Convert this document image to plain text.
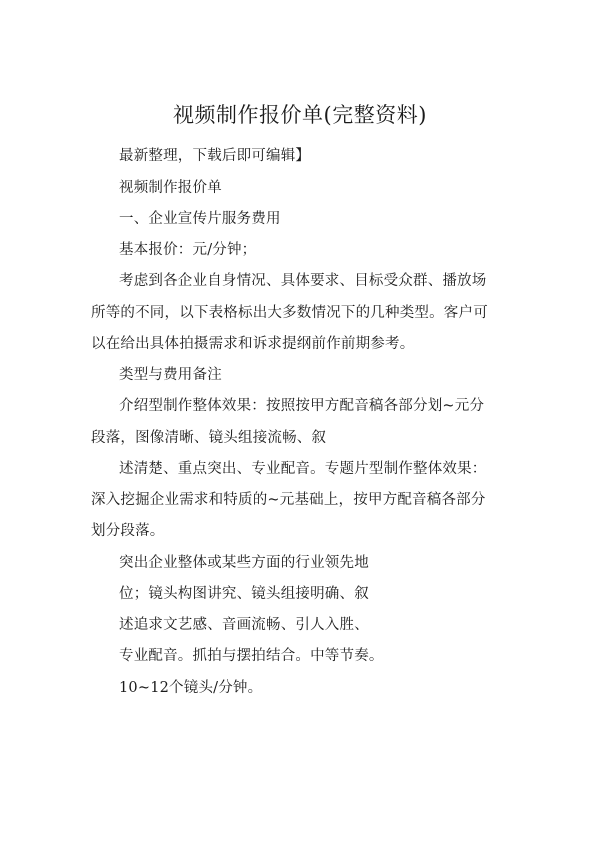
视频制作报价单(完整资料)
最新整理，下载后即可编辑】
视频制作报价单
一、企业宣传片服务费用
基本报价：元/分钟；
考虑到各企业自身情况、具体要求、目标受众群、播放场
所等的不同，以下表格标出大多数情况下的几种类型。客户可
以在给出具体拍摄需求和诉求提纲前作前期参考。
类型与费用备注
介绍型制作整体效果：按照按甲方配音稿各部分划~元分
段落，图像清晰、镜头组接流畅、叙
述清楚、重点突出、专业配音。专题片型制作整体效果：
深入挖掘企业需求和特质的~元基础上，按甲方配音稿各部分
划分段落。
突出企业整体或某些方面的行业领先地
位；镜头构图讲究、镜头组接明确、叙
述追求文艺感、音画流畅、引人入胜、
专业配音。抓拍与摆拍结合。中等节奏。
10~12个镜头/分钟。
